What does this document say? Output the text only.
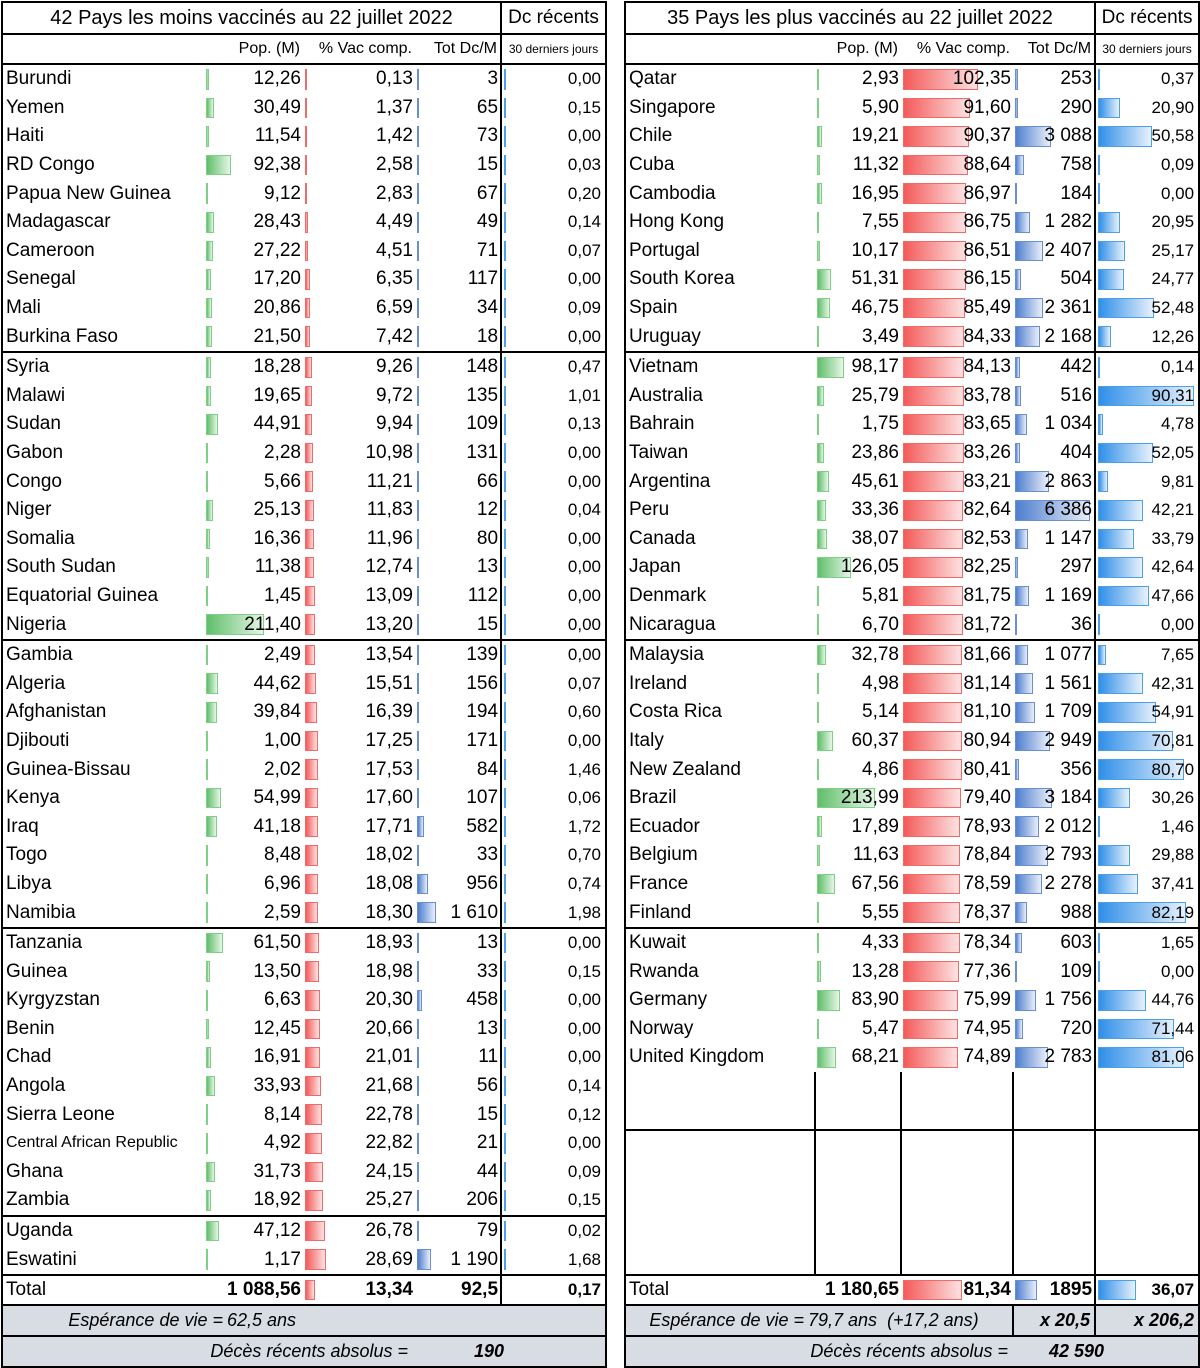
42 Pays les moins vaccinés au 22 juillet 2022				Dc récents
	Pop. (M)	% Vac comp.	Tot Dc/M	30 derniers jours
Burundi	12,26	0,13	3	0,00
Yemen	30,49	1,37	65	0,15
Haiti	11,54	1,42	73	0,00
RD Congo	92,38	2,58	15	0,03
Papua New Guinea	9,12	2,83	67	0,20
Madagascar	28,43	4,49	49	0,14
Cameroon	27,22	4,51	71	0,07
Senegal	17,20	6,35	117	0,00
Mali	20,86	6,59	34	0,09
Burkina Faso	21,50	7,42	18	0,00
Syria	18,28	9,26	148	0,47
Malawi	19,65	9,72	135	1,01
Sudan	44,91	9,94	109	0,13
Gabon	2,28	10,98	131	0,00
Congo	5,66	11,21	66	0,00
Niger	25,13	11,83	12	0,04
Somalia	16,36	11,96	80	0,00
South Sudan	11,38	12,74	13	0,00
Equatorial Guinea	1,45	13,09	112	0,00
Nigeria	211,40	13,20	15	0,00
Gambia	2,49	13,54	139	0,00
Algeria	44,62	15,51	156	0,07
Afghanistan	39,84	16,39	194	0,60
Djibouti	1,00	17,25	171	0,00
Guinea-Bissau	2,02	17,53	84	1,46
Kenya	54,99	17,60	107	0,06
Iraq	41,18	17,71	582	1,72
Togo	8,48	18,02	33	0,70
Libya	6,96	18,08	956	0,74
Namibia	2,59	18,30	1 610	1,98
Tanzania	61,50	18,93	13	0,00
Guinea	13,50	18,98	33	0,15
Kyrgyzstan	6,63	20,30	458	0,00
Benin	12,45	20,66	13	0,00
Chad	16,91	21,01	11	0,00
Angola	33,93	21,68	56	0,14
Sierra Leone	8,14	22,78	15	0,12
Central African Republic	4,92	22,82	21	0,00
Ghana	31,73	24,15	44	0,09
Zambia	18,92	25,27	206	0,15
Uganda	47,12	26,78	79	0,02
Eswatini	1,17	28,69	1 190	1,68
Total	1 088,56	13,34	92,5	0,17

Espérance de vie = 62,5 ans				

Décès récents absolus = 190				
35 Pays les plus vaccinés au 22 juillet 2022				Dc récents
	Pop. (M)	% Vac comp.	Tot Dc/M	30 derniers jours
Qatar	2,93	102,35	253	0,37
Singapore	5,90	91,60	290	20,90
Chile	19,21	90,37	3 088	50,58
Cuba	11,32	88,64	758	0,09
Cambodia	16,95	86,97	184	0,00
Hong Kong	7,55	86,75	1 282	20,95
Portugal	10,17	86,51	2 407	25,17
South Korea	51,31	86,15	504	24,77
Spain	46,75	85,49	2 361	52,48
Uruguay	3,49	84,33	2 168	12,26
Vietnam	98,17	84,13	442	0,14
Australia	25,79	83,78	516	90,31
Bahrain	1,75	83,65	1 034	4,78
Taiwan	23,86	83,26	404	52,05
Argentina	45,61	83,21	2 863	9,81
Peru	33,36	82,64	6 386	42,21
Canada	38,07	82,53	1 147	33,79
Japan	126,05	82,25	297	42,64
Denmark	5,81	81,75	1 169	47,66
Nicaragua	6,70	81,72	36	0,00
Malaysia	32,78	81,66	1 077	7,65
Ireland	4,98	81,14	1 561	42,31
Costa Rica	5,14	81,10	1 709	54,91
Italy	60,37	80,94	2 949	70,81
New Zealand	4,86	80,41	356	80,70
Brazil	213,99	79,40	3 184	30,26
Ecuador	17,89	78,93	2 012	1,46
Belgium	11,63	78,84	2 793	29,88
France	67,56	78,59	2 278	37,41
Finland	5,55	78,37	988	82,19
Kuwait	4,33	78,34	603	1,65
Rwanda	13,28	77,36	109	0,00
Germany	83,90	75,99	1 756	44,76
Norway	5,47	74,95	720	71,44
United Kingdom	68,21	74,89	2 783	81,06

Total	1 180,65	81,34	1895	36,07

Espérance de vie = 79,7 ans (+17,2 ans)			x 20,5	x 206,2

Décès récents absolus = 42 590				
